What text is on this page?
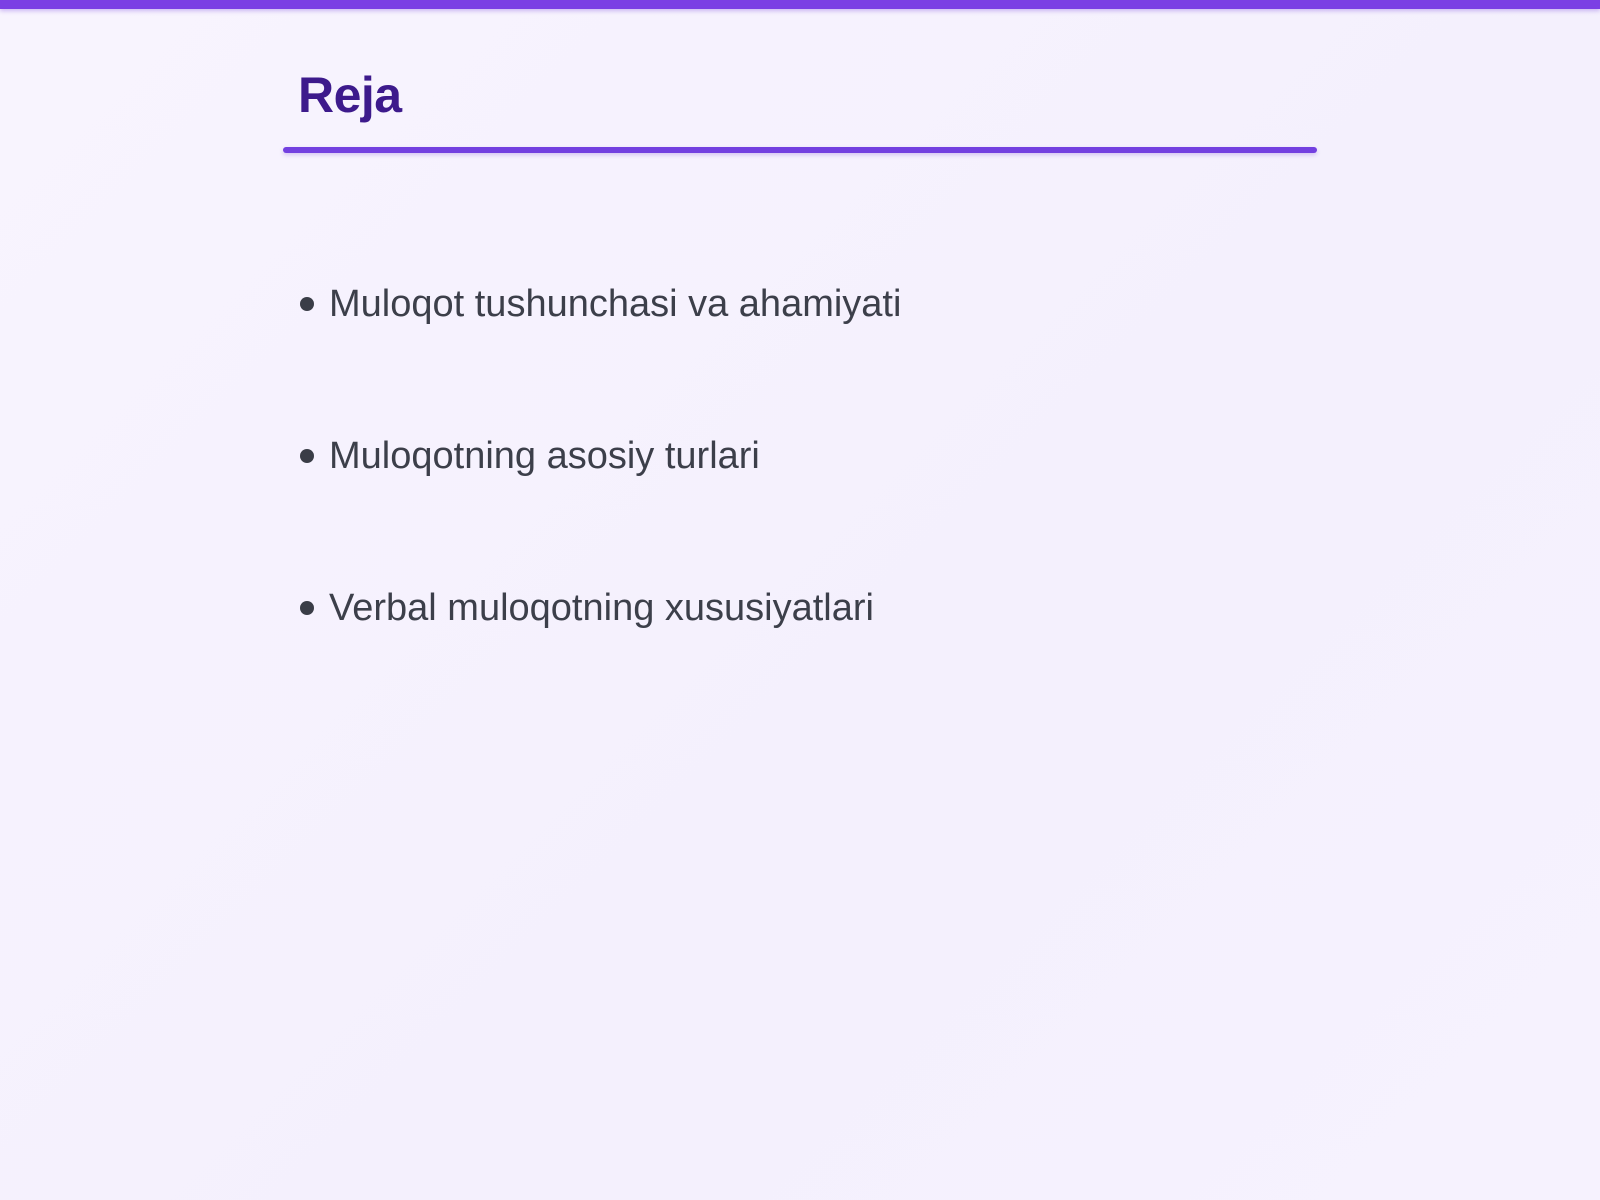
Reja
Muloqot tushunchasi va ahamiyati
Muloqotning asosiy turlari
Verbal muloqotning xususiyatlari
